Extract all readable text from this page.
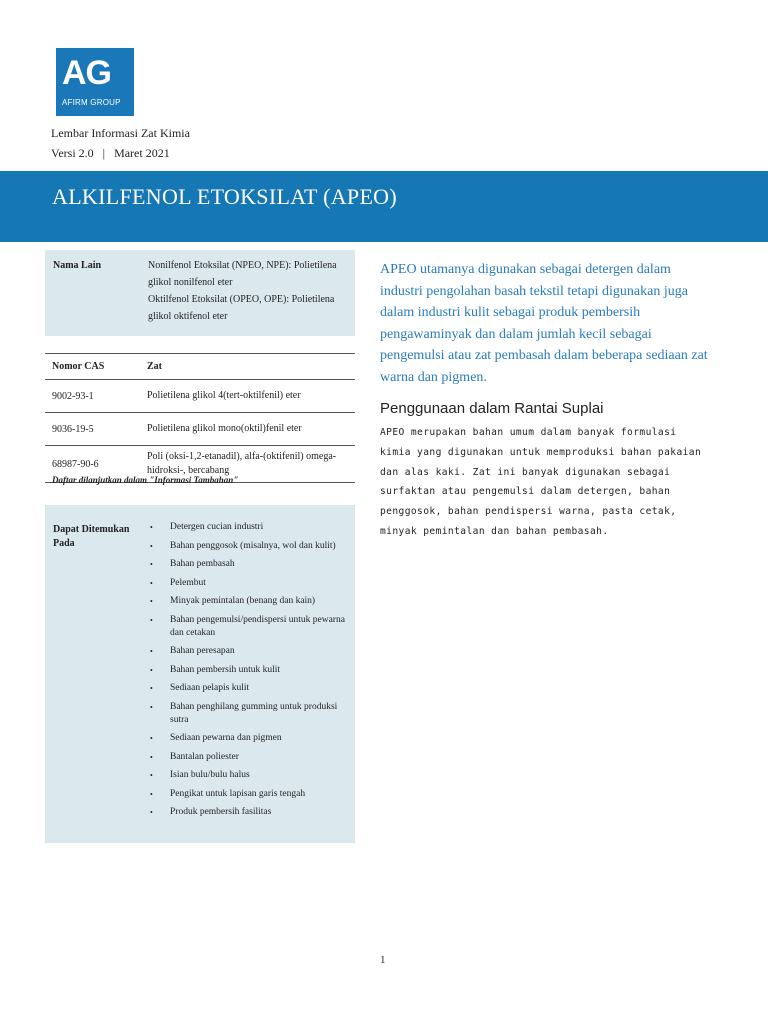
AG
AFIRM GROUP
Lembar Informasi Zat Kimia
Versi 2.0   |   Maret 2021
ALKILFENOL ETOKSILAT (APEO)
Nama Lain	Nonilfenol Etoksilat (NPEO, NPE): Polietilena glikol nonilfenol eter
Oktilfenol Etoksilat (OPEO, OPE): Polietilena glikol oktifenol eter
Nomor CAS	Zat
9002-93-1	Polietilena glikol 4(tert-oktilfenil) eter
9036-19-5	Polietilena glikol mono(oktil)fenil eter
68987-90-6	Poli (oksi-1,2-etanadil), alfa-(oktifenil) omega-hidroksi-, bercabang
Daftar dilanjutkan dalam "Informasi Tambahan"
Dapat Ditemukan Pada
• Detergen cucian industri
• Bahan penggosok (misalnya, wol dan kulit)
• Bahan pembasah
• Pelembut
• Minyak pemintalan (benang dan kain)
• Bahan pengemulsi/pendispersi untuk pewarna dan cetakan
• Bahan peresapan
• Bahan pembersih untuk kulit
• Sediaan pelapis kulit
• Bahan penghilang gumming untuk produksi sutra
• Sediaan pewarna dan pigmen
• Bantalan poliester
• Isian bulu/bulu halus
• Pengikat untuk lapisan garis tengah
• Produk pembersih fasilitas
APEO utamanya digunakan sebagai detergen dalam industri pengolahan basah tekstil tetapi digunakan juga dalam industri kulit sebagai produk pembersih pengawaminyak dan dalam jumlah kecil sebagai pengemulsi atau zat pembasah dalam beberapa sediaan zat warna dan pigmen.
Penggunaan dalam Rantai Suplai
APEO merupakan bahan umum dalam banyak formulasi kimia yang digunakan untuk memproduksi bahan pakaian dan alas kaki. Zat ini banyak digunakan sebagai surfaktan atau pengemulsi dalam detergen, bahan penggosok, bahan pendispersi warna, pasta cetak, minyak pemintalan dan bahan pembasah.
1
